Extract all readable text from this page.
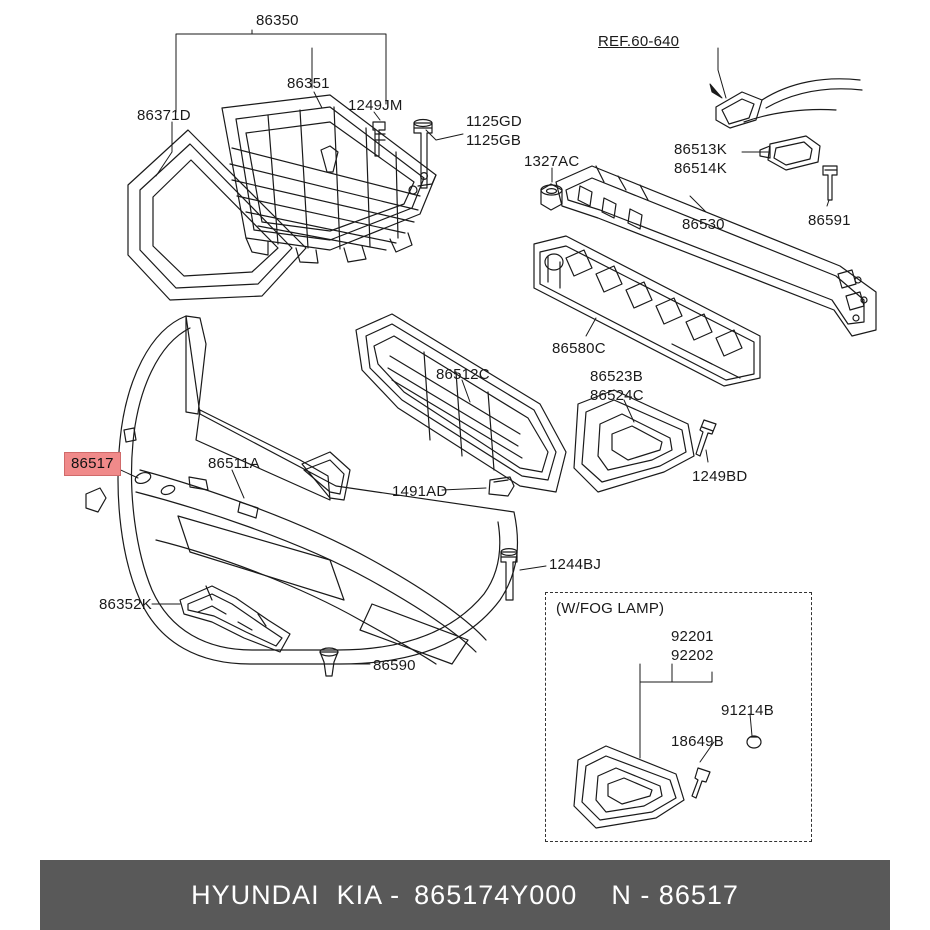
(W/FOG LAMP)
86350
86351
86371D
1249JM
1125GD
1125GB
REF.60-640
1327AC
86513K
86514K
86591
86530
86580C
86512C	86523B
86524C
1249BD
1491AD
86511A
86517
1244BJ
86352K
86590
92201
92202
91214B
18649B
HYUNDAI  KIA - 865174Y000 N - 86517
